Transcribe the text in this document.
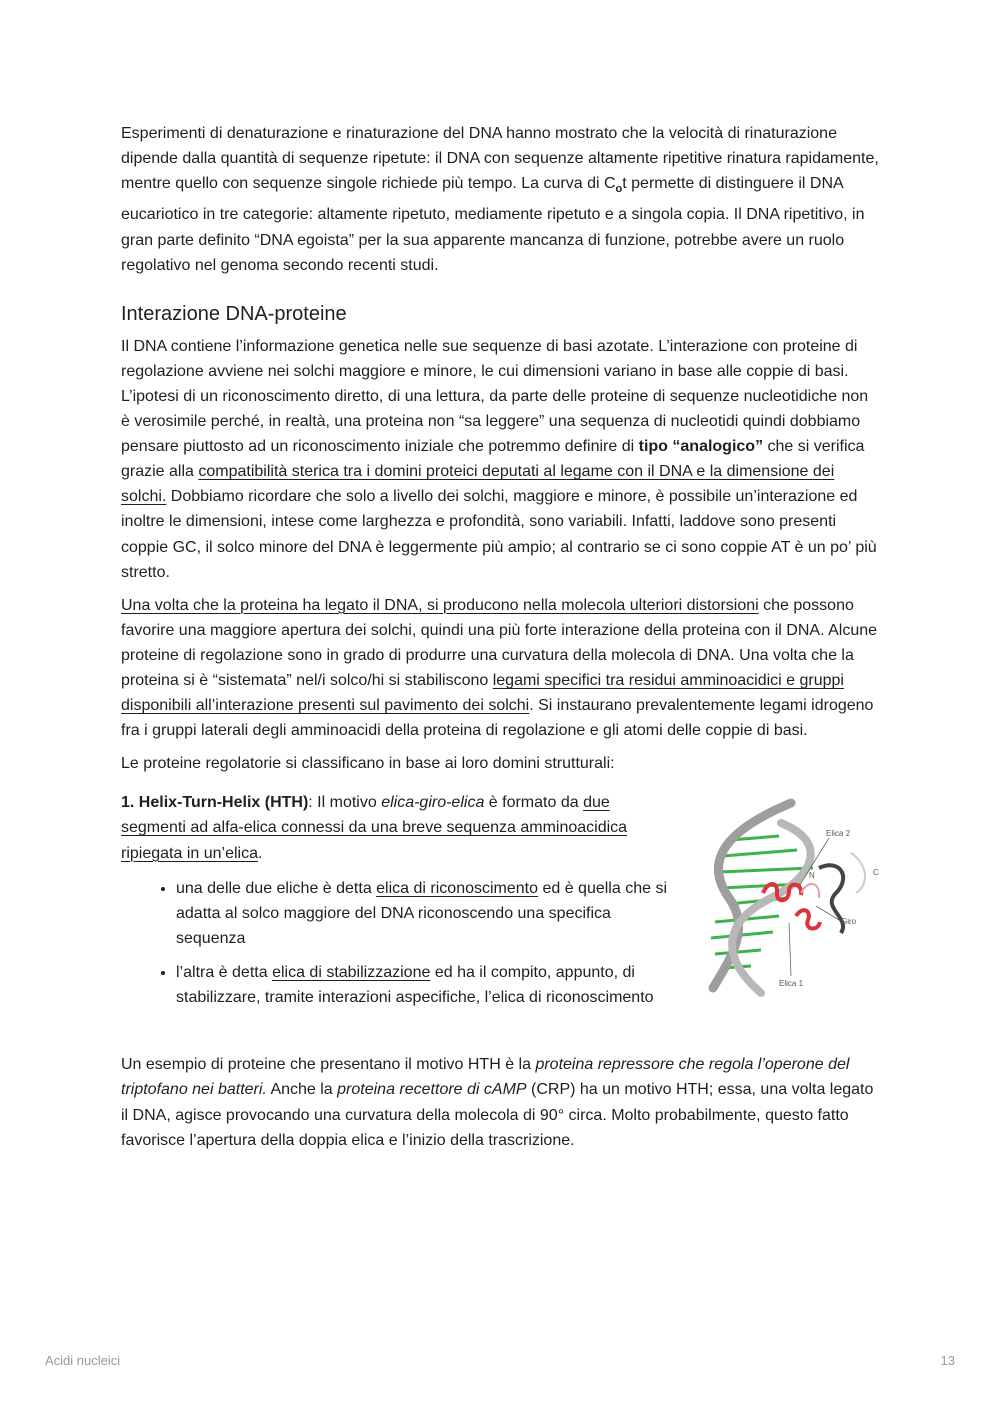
Esperimenti di denaturazione e rinaturazione del DNA hanno mostrato che la velocità di rinaturazione dipende dalla quantità di sequenze ripetute: il DNA con sequenze altamente ripetitive rinatura rapidamente, mentre quello con sequenze singole richiede più tempo. La curva di $C_ot$ permette di distinguere il DNA eucariotico in tre categorie: altamente ripetuto, mediamente ripetuto e a singola copia. Il DNA ripetitivo, in gran parte definito “DNA egoista” per la sua apparente mancanza di funzione, potrebbe avere un ruolo regolativo nel genoma secondo recenti studi.

Interazione DNA-proteine

Il DNA contiene l’informazione genetica nelle sue sequenze di basi azotate. L’interazione con proteine di regolazione avviene nei solchi maggiore e minore, le cui dimensioni variano in base alle coppie di basi. L’ipotesi di un riconoscimento diretto, di una lettura, da parte delle proteine di sequenze nucleotidiche non è verosimile perché, in realtà, una proteina non “sa leggere” una sequenza di nucleotidi quindi dobbiamo pensare piuttosto ad un riconoscimento iniziale che potremmo definire di tipo “analogico” che si verifica grazie alla compatibilità sterica tra i domini proteici deputati al legame con il DNA e la dimensione dei solchi. Dobbiamo ricordare che solo a livello dei solchi, maggiore e minore, è possibile un’interazione ed inoltre le dimensioni, intese come larghezza e profondità, sono variabili. Infatti, laddove sono presenti coppie GC, il solco minore del DNA è leggermente più ampio; al contrario se ci sono coppie AT è un po’ più stretto.

Una volta che la proteina ha legato il DNA, si producono nella molecola ulteriori distorsioni che possono favorire una maggiore apertura dei solchi, quindi una più forte interazione della proteina con il DNA. Alcune proteine di regolazione sono in grado di produrre una curvatura della molecola di DNA. Una volta che la proteina si è “sistemata” nel/i solco/hi si stabiliscono legami specifici tra residui amminoacidici e gruppi disponibili all’interazione presenti sul pavimento dei solchi. Si instaurano prevalentemente legami idrogeno fra i gruppi laterali degli amminoacidi della proteina di regolazione e gli atomi delle coppie di basi.

Le proteine regolatorie si classificano in base ai loro domini strutturali:

1. Helix-Turn-Helix (HTH): Il motivo elica-giro-elica è formato da due segmenti ad alfa-elica connessi da una breve sequenza amminoacidica ripiegata in un’elica.

• una delle due eliche è detta elica di riconoscimento ed è quella che si adatta al solco maggiore del DNA riconoscendo una specifica sequenza
• l’altra è detta elica di stabilizzazione ed ha il compito, appunto, di stabilizzare, tramite interazioni aspecifiche, l’elica di riconoscimento
Elica 2
N	C
Giro
Elica 1

Un esempio di proteine che presentano il motivo HTH è la proteina repressore che regola l’operone del triptofano nei batteri. Anche la proteina recettore di cAMP (CRP) ha un motivo HTH; essa, una volta legato il DNA, agisce provocando una curvatura della molecola di 90° circa. Molto probabilmente, questo fatto favorisce l’apertura della doppia elica e l’inizio della trascrizione.

Acidi nucleici	13
